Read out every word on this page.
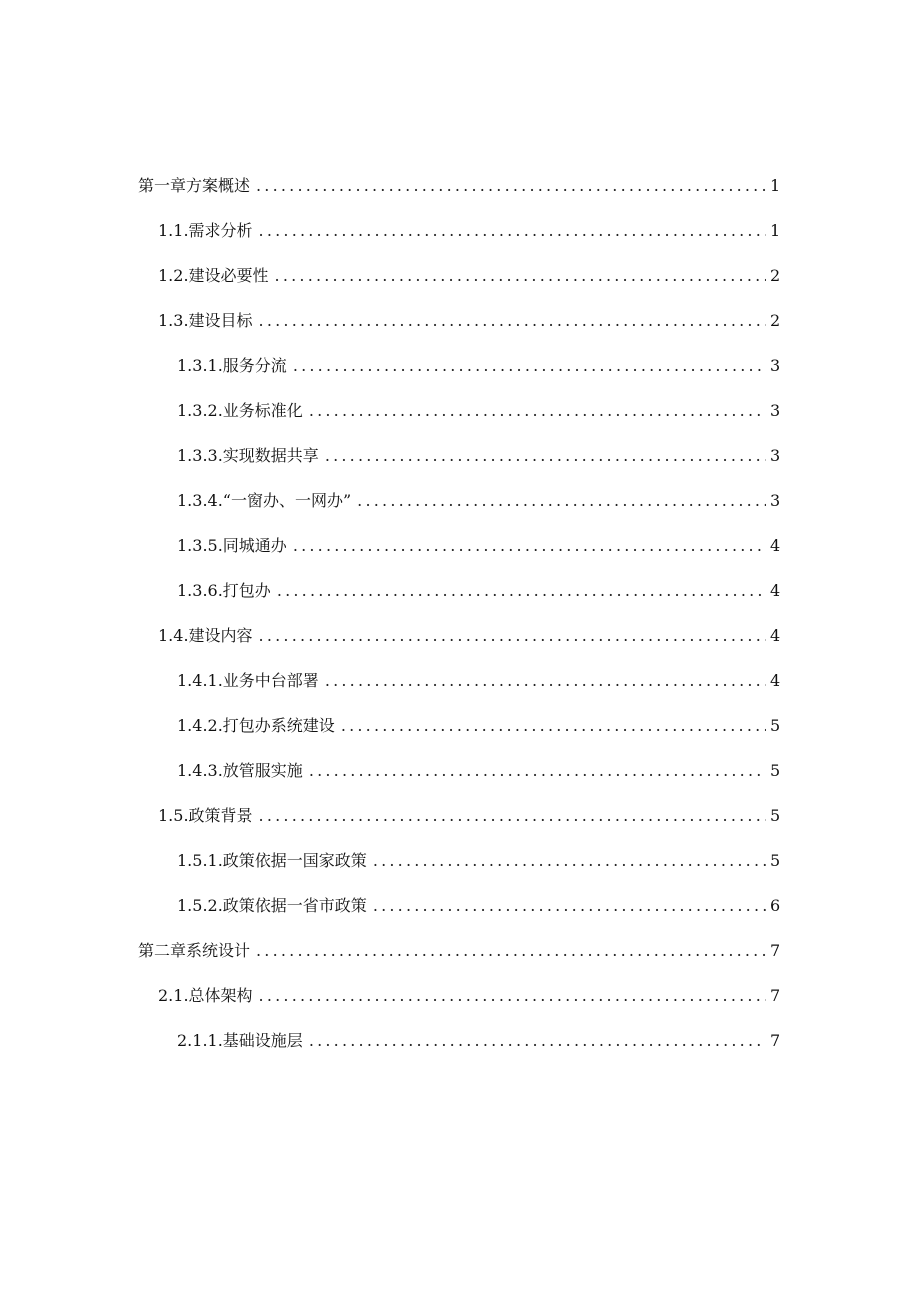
第一章方案概述 .....	1
1.1. 需求分析 .....	1
1.2. 建设必要性 .....	2
1.3. 建设目标 .....	2
1.3.1. 服务分流 .....	3
1.3.2. 业务标准化 .....	3
1.3.3. 实现数据共享 .....	3
1.3.4. “一窗办、一网办” .....	3
1.3.5. 同城通办 .....	4
1.3.6. 打包办 .....	4
1.4. 建设内容 .....	4
1.4.1. 业务中台部署 .....	4
1.4.2. 打包办系统建设 .....	5
1.4.3. 放管服实施 .....	5
1.5. 政策背景 .....	5
1.5.1. 政策依据一国家政策 .....	5
1.5.2. 政策依据一省市政策 .....	6
第二章系统设计 .....	7
2.1. 总体架构 .....	7
2.1.1. 基础设施层 .....	7
